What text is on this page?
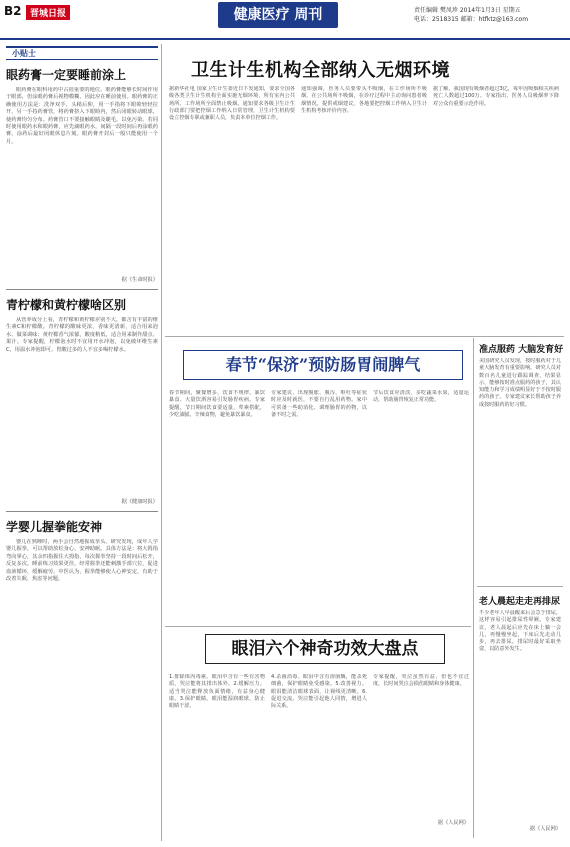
B2 晋城日报	健康医疗 周刊	责任编辑 樊凤珍 2014年1月3日 星期五
电话：2518315 邮箱：htfktz@163.com
小贴士
眼药膏一定要睡前涂上
眼药膏在眼科用药中占很重要的地位。眼药膏能够长时间作用于眼部，但涂眼药膏后视物模糊，因此应在睡前使用。眼药膏的正确使用方法是：洗净双手，头稍后仰，用一手指将下眼睑轻轻拉开，另一手持药膏管，将药膏挤入下眼睑内，然后闭眼转动眼球，使药膏均匀分布。药膏管口不要接触眼睛及睫毛，以免污染。若同时使用眼药水和眼药膏，应先滴眼药水，间隔一段时间后再涂眼药膏。涂药后最好闭眼休息片刻。眼药膏开封后一般只能使用一个月。
据《生命时报》
青柠檬和黄柠檬啥区别
从营养成分上看，青柠檬和黄柠檬差别不大，都含有丰富的维生素C和柠檬酸。青柠檬的酸味更浓，香味更清新，适合用来泡水、做菜调味；黄柠檬香气浓郁，酸度稍低，适合用来制作甜点、果汁。专家提醒，柠檬泡水时不宜用开水冲泡，以免破坏维生素C，用温水冲泡即可。胃酸过多的人不宜多喝柠檬水。
据《健康时报》
学婴儿握拳能安神
婴儿在熟睡时，两手会自然地握成拳头。研究发现，成年人学婴儿握拳，可以帮助放松身心，安神助眠。具体方法是：将大拇指弯向掌心，其余四指握住大拇指，每次握拳坚持一段时间后松开，反复多次。睡前练习效果更佳。经常握拳还能刺激手部穴位，促进血液循环，缓解疲劳。中医认为，握拳能够使人心神安定，有助于改善失眠、焦虑等问题。
卫生计生机构全部纳入无烟环境
据新华社电 国家卫生计生委近日下发通知，要求全国各级各类卫生计生机构全面实施无烟环境，所有室内公共场所、工作场所全面禁止吸烟。通知要求各级卫生计生行政部门要把控烟工作纳入日常管理，卫生计生机构要设立控烟专职或兼职人员，负责本单位控烟工作。
通知强调，医务人员要带头不吸烟，在工作场所不吸烟，在公共场所不吸烟，在诊疗过程中主动询问患者吸烟情况，提供戒烟建议。各地要把控烟工作纳入卫生计生机构考核评价内容。
据了解，我国现有吸烟者超过3亿，每年因吸烟相关疾病死亡人数超过100万。专家指出，医务人员吸烟率下降对公众有重要示范作用。
春节“保济”预防肠胃闹脾气
春节期间，聚餐增多，饮食不规律，暴饮暴食、大量饮酒容易引发肠胃疾病。专家提醒，节日期间饮食要适量，荤素搭配，少吃油腻、辛辣食物，避免暴饮暴食。
专家建议，出现腹胀、腹泻、呕吐等症状时应及时就医，不要自行乱用药物。家中可常备一些助消化、调理肠胃的药物，以备不时之需。
节后饮食应清淡，多吃蔬菜水果，适量运动，帮助肠胃恢复正常功能。
准点服药 大脑发育好
美国研究人员发现，按时服药对于儿童大脑发育有重要影响。研究人员对数百名儿童进行跟踪调查，结果显示，能够按时准点服药的孩子，其认知能力和学习成绩明显好于不按时服药的孩子。专家建议家长帮助孩子养成按时服药的好习惯。
老人晨起走走再排尿
不少老年人早晨醒来后会急于排尿，这样容易引起排尿性晕厥。专家建议，老人晨起后应先在床上躺一会儿，再慢慢坐起，下床后先走动几步，再去排尿，排尿时最好采取坐姿，以防意外发生。
据《人民网》
眼泪六个神奇功效大盘点
1.排除体内毒素。眼泪中含有一些有害物质，哭泣能将其排出体外。2.缓解压力。适当哭泣能释放负面情绪，有益身心健康。3.保护眼睛。眼泪能湿润眼球，防止眼睛干涩。
4.杀菌消毒。眼泪中含有溶菌酶，能杀死细菌，保护眼睛免受感染。5.改善视力。眼泪能清洁眼球表面，让视线更清晰。6.促进交流。哭泣能引起他人同情，增进人际关系。
专家提醒，哭泣虽然有益，但也不宜过度，长时间哭泣会损伤眼睛和身体健康。
据《人民网》
